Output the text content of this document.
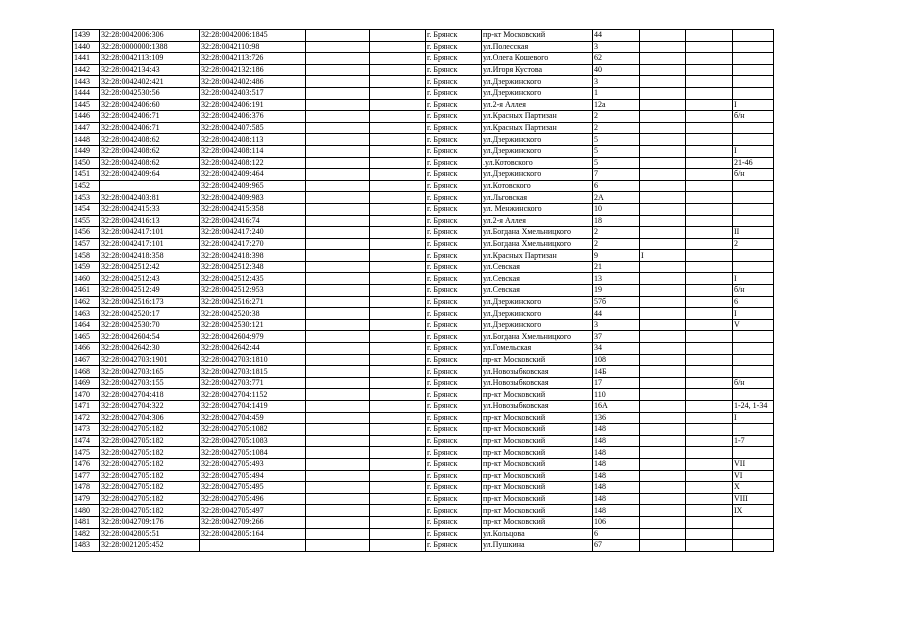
1439	32:28:0042006:306	32:28:0042006:1845			г. Брянск	пр-кт Московский	44			
1440	32:28:0000000:1388	32:28:0042110:98			г. Брянск	ул.Полесская	3			
1441	32:28:0042113:109	32:28:0042113:726			г. Брянск	ул.Олега Кошевого	62			
1442	32:28:0042134:43	32:28:0042132:186			г. Брянск	ул.Игоря Кустова	40			
1443	32:28:0042402:421	32:28:0042402:486			г. Брянск	ул.Дзержинского	3			
1444	32:28:0042530:56	32:28:0042403:517			г. Брянск	ул.Дзержинского	1			
1445	32:28:0042406:60	32:28:0042406:191			г. Брянск	ул.2-я Аллея	12а			I
1446	32:28:0042406:71	32:28:0042406:376			г. Брянск	ул.Красных Партизан	2			б/н
1447	32:28:0042406:71	32:28:0042407:585			г. Брянск	ул.Красных Партизан	2			
1448	32:28:0042408:62	32:28:0042408:113			г. Брянск	ул.Дзержинского	5			
1449	32:28:0042408:62	32:28:0042408:114			г. Брянск	ул.Дзержинского	5			I
1450	32:28:0042408:62	32:28:0042408:122			г. Брянск	.ул.Котовского	5			21-46
1451	32:28:0042409:64	32:28:0042409:464			г. Брянск	ул.Дзержинского	7			б/н
1452		32:28:0042409:965			г. Брянск	ул.Котовского	6			
1453	32:28:0042403:81	32:28:0042409:983			г. Брянск	ул.Льговская	2А			
1454	32:28:0042415:33	32:28:0042415:358			г. Брянск	ул. Менжинского	10			
1455	32:28:0042416:13	32:28:0042416:74			г. Брянск	ул.2-я Аллея	18			
1456	32:28:0042417:101	32:28:0042417:240			г. Брянск	ул.Богдана Хмельницкого	2			II
1457	32:28:0042417:101	32:28:0042417:270			г. Брянск	ул.Богдана Хмельницкого	2			2
1458	32:28:0042418:358	32:28:0042418:398			г. Брянск	ул.Красных Партизан	9	I		
1459	32:28:0042512:42	32:28:0042512:348			г. Брянск	ул.Севская	21			
1460	32:28:0042512:43	32:28:0042512:435			г. Брянск	ул.Севская	13			I
1461	32:28:0042512:49	32:28:0042512:953			г. Брянск	ул.Севская	19			б/н
1462	32:28:0042516:173	32:28:0042516:271			г. Брянск	ул.Дзержинского	57б			6
1463	32:28:0042520:17	32:28:0042520:38			г. Брянск	ул.Дзержинского	44			I
1464	32:28:0042530:70	32:28:0042530:121			г. Брянск	ул.Дзержинского	3			V
1465	32:28:0042604:54	32:28:0042604:979			г. Брянск	ул.Богдана Хмельницкого	37			
1466	32:28:0042642:30	32:28:0042642:44			г. Брянск	ул.Гомельская	34			
1467	32:28:0042703:1901	32:28:0042703:1810			г. Брянск	пр-кт Московский	108			
1468	32:28:0042703:165	32:28:0042703:1815			г. Брянск	ул.Новозыбковская	14Б			
1469	32:28:0042703:155	32:28:0042703:771			г. Брянск	ул.Новозыбковская	17			б/н
1470	32:28:0042704:418	32:28:0042704:1152			г. Брянск	пр-кт Московский	110			
1471	32:28:0042704:322	32:28:0042704:1419			г. Брянск	ул.Новозыбковская	16А			1-24, 1-34
1472	32:28:0042704:306	32:28:0042704:459			г. Брянск	пр-кт Московский	136			I
1473	32:28:0042705:182	32:28:0042705:1082			г. Брянск	пр-кт Московский	148			
1474	32:28:0042705:182	32:28:0042705:1083			г. Брянск	пр-кт Московский	148			1-7
1475	32:28:0042705:182	32:28:0042705:1084			г. Брянск	пр-кт Московский	148			
1476	32:28:0042705:182	32:28:0042705:493			г. Брянск	пр-кт Московский	148			VII
1477	32:28:0042705:182	32:28:0042705:494			г. Брянск	пр-кт Московский	148			VI
1478	32:28:0042705:182	32:28:0042705:495			г. Брянск	пр-кт Московский	148			X
1479	32:28:0042705:182	32:28:0042705:496			г. Брянск	пр-кт Московский	148			VIII
1480	32:28:0042705:182	32:28:0042705:497			г. Брянск	пр-кт Московский	148			IX
1481	32:28:0042709:176	32:28:0042709:266			г. Брянск	пр-кт Московский	106			
1482	32:28:0042805:51	32:28:0042805:164			г. Брянск	ул.Кольцова	6			
1483	32:28:0021205:452				г. Брянск	ул.Пушкина	67			
